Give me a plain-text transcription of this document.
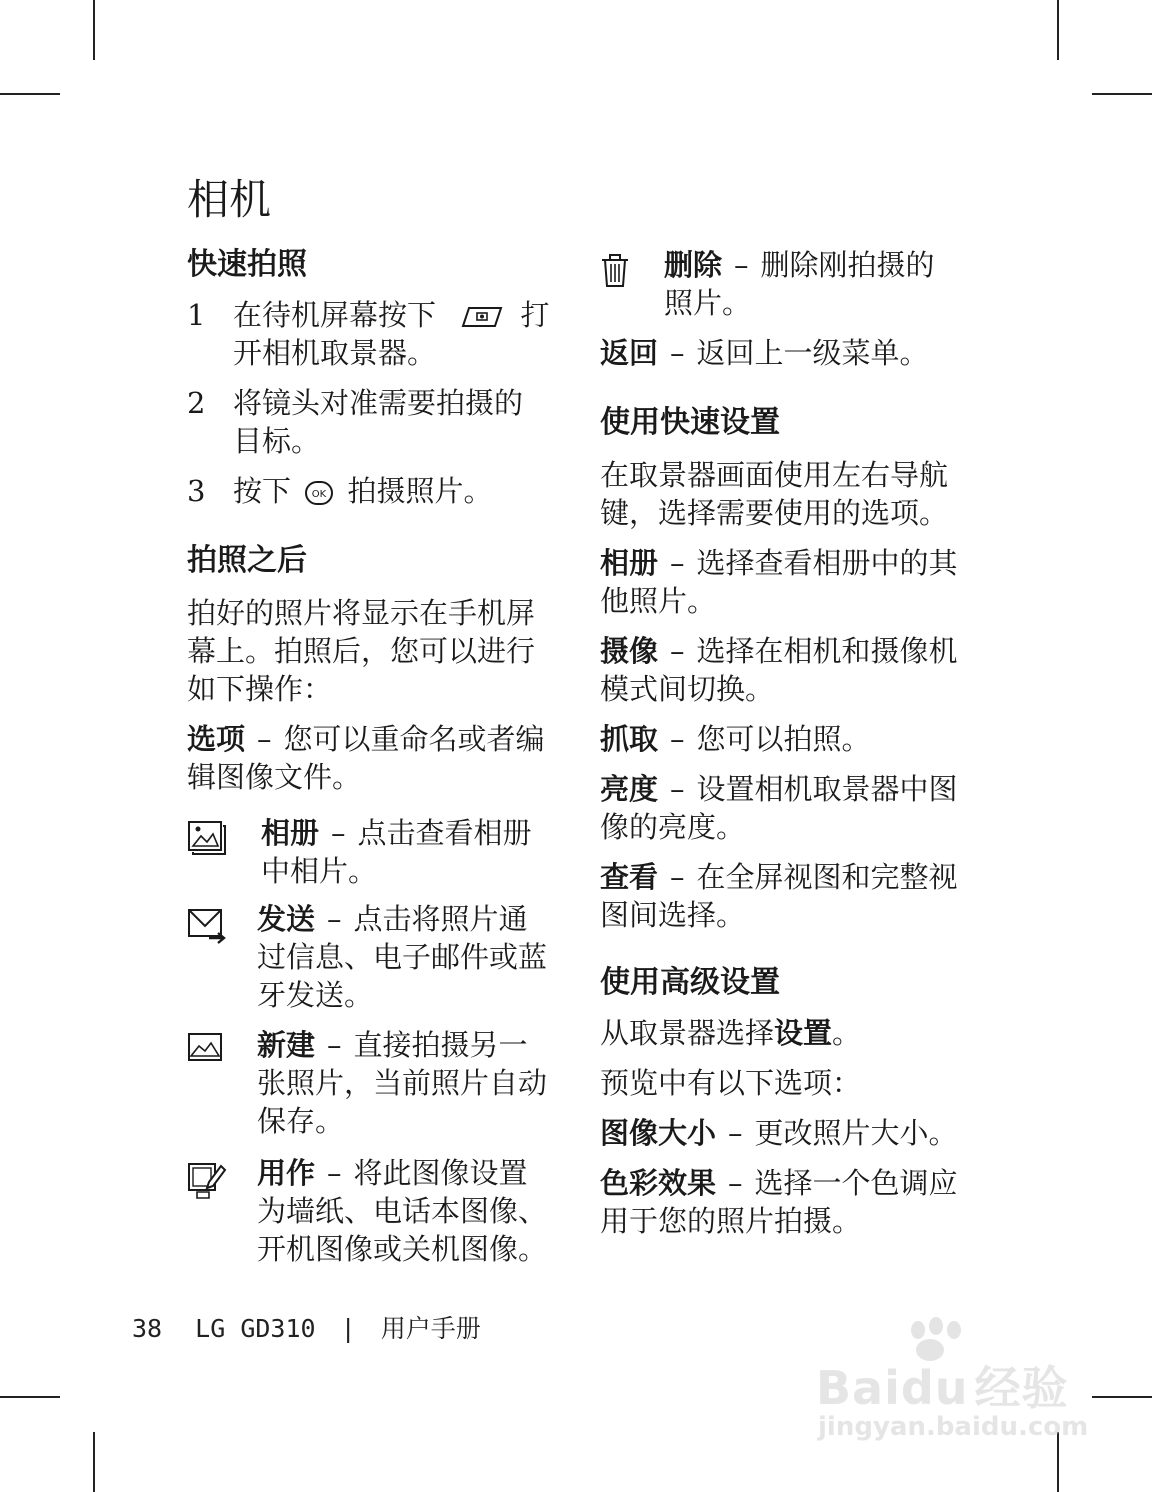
相机
快速拍照
1 在待机屏幕按下	打
开相机取景器。
2 将镜头对准需要拍摄的
目标。
3 按下 OK 拍摄照片。
拍照之后
拍好的照片将显示在手机屏
幕上。拍照后，您可以进行
如下操作：
选项 – 您可以重命名或者编
辑图像文件。
相册 – 点击查看相册
中相片。
发送 – 点击将照片通
过信息、电子邮件或蓝
牙发送。
新建 – 直接拍摄另一
张照片，当前照片自动
保存。
用作 – 将此图像设置
为墙纸、电话本图像、
开机图像或关机图像。
删除 – 删除刚拍摄的
照片。
返回 – 返回上一级菜单。
使用快速设置
在取景器画面使用左右导航
键，选择需要使用的选项。
相册 – 选择查看相册中的其
他照片。
摄像 – 选择在相机和摄像机
模式间切换。
抓取 – 您可以拍照。
亮度 – 设置相机取景器中图
像的亮度。
查看 – 在全屏视图和完整视
图间选择。
使用高级设置
从取景器选择设置。
预览中有以下选项：
图像大小 – 更改照片大小。
色彩效果 – 选择一个色调应
用于您的照片拍摄。
38 LG GD310 | 用户手册
Baidu 经验
jingyan.baidu.com
